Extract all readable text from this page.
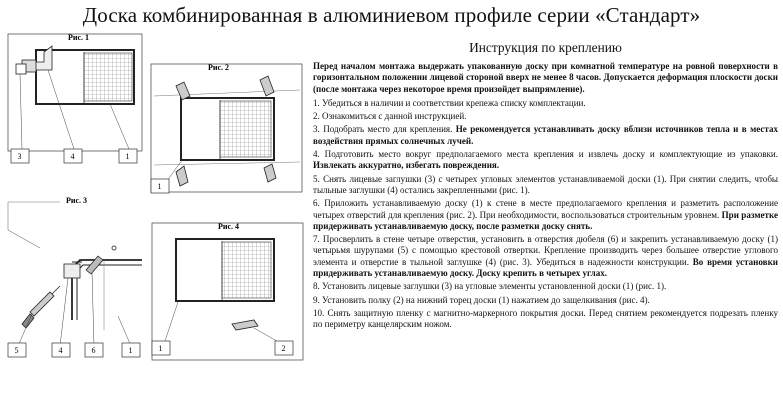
Доска комбинированная в алюминиевом профиле серии «Стандарт»
Рис. 1
3	4	1
Рис. 2
1
Рис. 3
5	4	6	1
Рис. 4
1	2
Инструкция по креплению

Перед началом монтажа выдержать упакованную доску при комнатной температуре на ровной поверхности в горизонтальном положении лицевой стороной вверх не менее 8 часов. Допускается деформация плоскости доски (после монтажа через некоторое время произойдет выпрямление).

1. Убедиться в наличии и соответствии крепежа списку комплектации.

2. Ознакомиться с данной инструкцией.

3. Подобрать место для крепления. Не рекомендуется устанавливать доску вблизи источников тепла и в местах воздействия прямых солнечных лучей.

4. Подготовить место вокруг предполагаемого места крепления и извлечь доску и комплектующие из упаковки. Извлекать аккуратно, избегать повреждения.

5. Снять лицевые заглушки (3) с четырех угловых элементов устанавливаемой доски (1). При снятии следить, чтобы тыльные заглушки (4) остались закрепленными (рис. 1).

6. Приложить устанавливаемую доску (1) к стене в месте предполагаемого крепления и разметить расположение четырех отверстий для крепления (рис. 2). При необходимости, воспользоваться строительным уровнем. При разметке придерживать устанавливаемую доску, после разметки доску снять.

7. Просверлить в стене четыре отверстия, установить в отверстия дюбеля (6) и закрепить устанавливаемую доску (1) четырьмя шурупами (5) с помощью крестовой отвертки. Крепление производить через большее отверстие углового элемента и отверстие в тыльной заглушке (4) (рис. 3). Убедиться в надежности конструкции. Во время установки придерживать устанавливаемую доску. Доску крепить в четырех углах.

8. Установить лицевые заглушки (3) на угловые элементы установленной доски (1) (рис. 1).

9. Установить полку (2) на нижний торец доски (1) нажатием до защелкивания (рис. 4).

10. Снять защитную пленку с магнитно-маркерного покрытия доски. Перед снятием рекомендуется подрезать пленку по периметру канцелярским ножом.
